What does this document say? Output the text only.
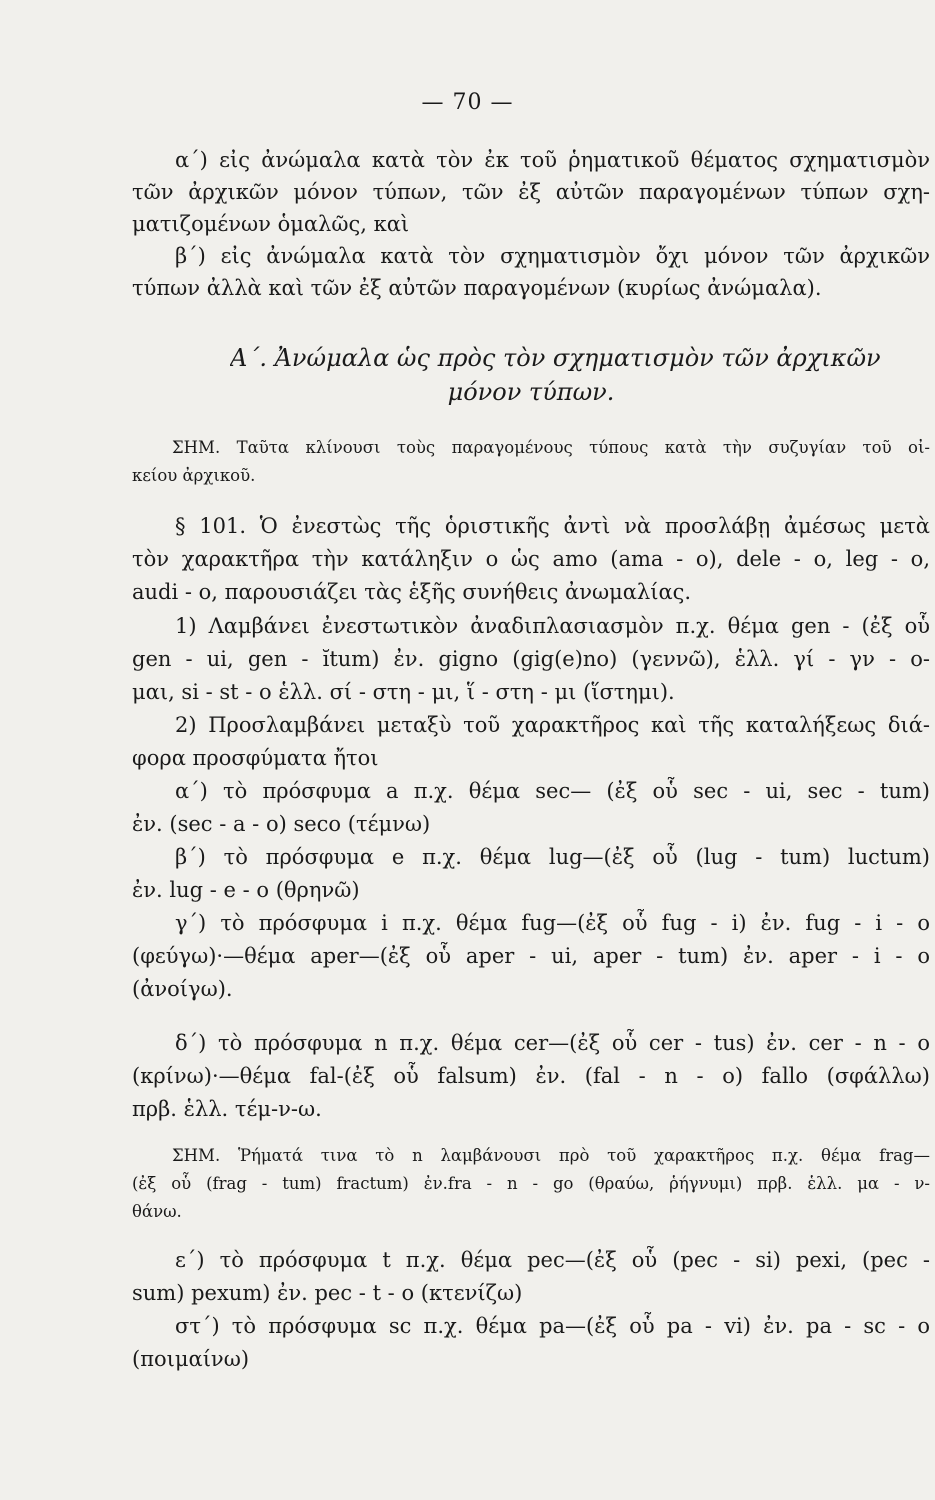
— 70 —
α΄) εἰς ἀνώμαλα κατὰ τὸν ἐκ τοῦ ῥηματικοῦ θέματος σχηματισμὸν
τῶν ἀρχικῶν μόνον τύπων, τῶν ἐξ αὐτῶν παραγομένων τύπων σχη-
ματιζομένων ὁμαλῶς, καὶ
β΄) εἰς ἀνώμαλα κατὰ τὸν σχηματισμὸν ὄχι μόνον τῶν ἀρχικῶν
τύπων ἀλλὰ καὶ τῶν ἐξ αὐτῶν παραγομένων (κυρίως ἀνώμαλα).
Α΄. Ἀνώμαλα ὡς πρὸς τὸν σχηματισμὸν τῶν ἀρχικῶν
μόνον τύπων.
ΣΗΜ. Ταῦτα κλίνουσι τοὺς παραγομένους τύπους κατὰ τὴν συζυγίαν τοῦ οἰ-
κείου ἀρχικοῦ.
§ 101. Ὁ ἐνεστὼς τῆς ὁριστικῆς ἀντὶ νὰ προσλάβῃ ἀμέσως μετὰ
τὸν χαρακτῆρα τὴν κατάληξιν ο ὡς amo (ama - o), dele - o, leg - o,
audi - o, παρουσιάζει τὰς ἑξῆς συνήθεις ἀνωμαλίας.
1) Λαμβάνει ἐνεστωτικὸν ἀναδιπλασιασμὸν π.χ. θέμα gen - (ἐξ οὗ
gen - ui, gen - ĭtum) ἐν. gigno (gig(e)no) (γεννῶ), ἑλλ. γί - γν - ο-
μαι, si - st - o ἑλλ. σί - στη - μι, ἵ - στη - μι (ἵστημι).
2) Προσλαμβάνει μεταξὺ τοῦ χαρακτῆρος καὶ τῆς καταλήξεως διά-
φορα προσφύματα ἤτοι
α΄) τὸ πρόσφυμα a π.χ. θέμα sec— (ἐξ οὗ sec - ui, sec - tum)
ἐν. (sec - a - o) seco (τέμνω)
β΄) τὸ πρόσφυμα e π.χ. θέμα lug—(ἐξ οὗ (lug - tum) luctum)
ἐν. lug - e - o (θρηνῶ)
γ΄) τὸ πρόσφυμα i π.χ. θέμα fug—(ἐξ οὗ fug - i) ἐν. fug - i - o
(φεύγω)·—θέμα aper—(ἐξ οὗ aper - ui, aper - tum) ἐν. aper - i - o
(ἀνοίγω).
δ΄) τὸ πρόσφυμα n π.χ. θέμα cer—(ἐξ οὗ cer - tus) ἐν. cer - n - o
(κρίνω)·—θέμα fal-(ἐξ οὗ falsum) ἐν. (fal - n - o) fallo (σφάλλω)
πρβ. ἑλλ. τέμ-ν-ω.
ΣΗΜ. Ῥήματά τινα τὸ n λαμβάνουσι πρὸ τοῦ χαρακτῆρος π.χ. θέμα frag—
(ἐξ οὗ (frag - tum) fractum) ἐν.fra - n - go (θραύω, ῥήγνυμι) πρβ. ἑλλ. μα - ν-
θάνω.
ε΄) τὸ πρόσφυμα t π.χ. θέμα pec—(ἐξ οὗ (pec - si) pexi, (pec -
sum) pexum) ἐν. pec - t - o (κτενίζω)
στ΄) τὸ πρόσφυμα sc π.χ. θέμα pa—(ἐξ οὗ pa - vi) ἐν. pa - sc - o
(ποιμαίνω)
